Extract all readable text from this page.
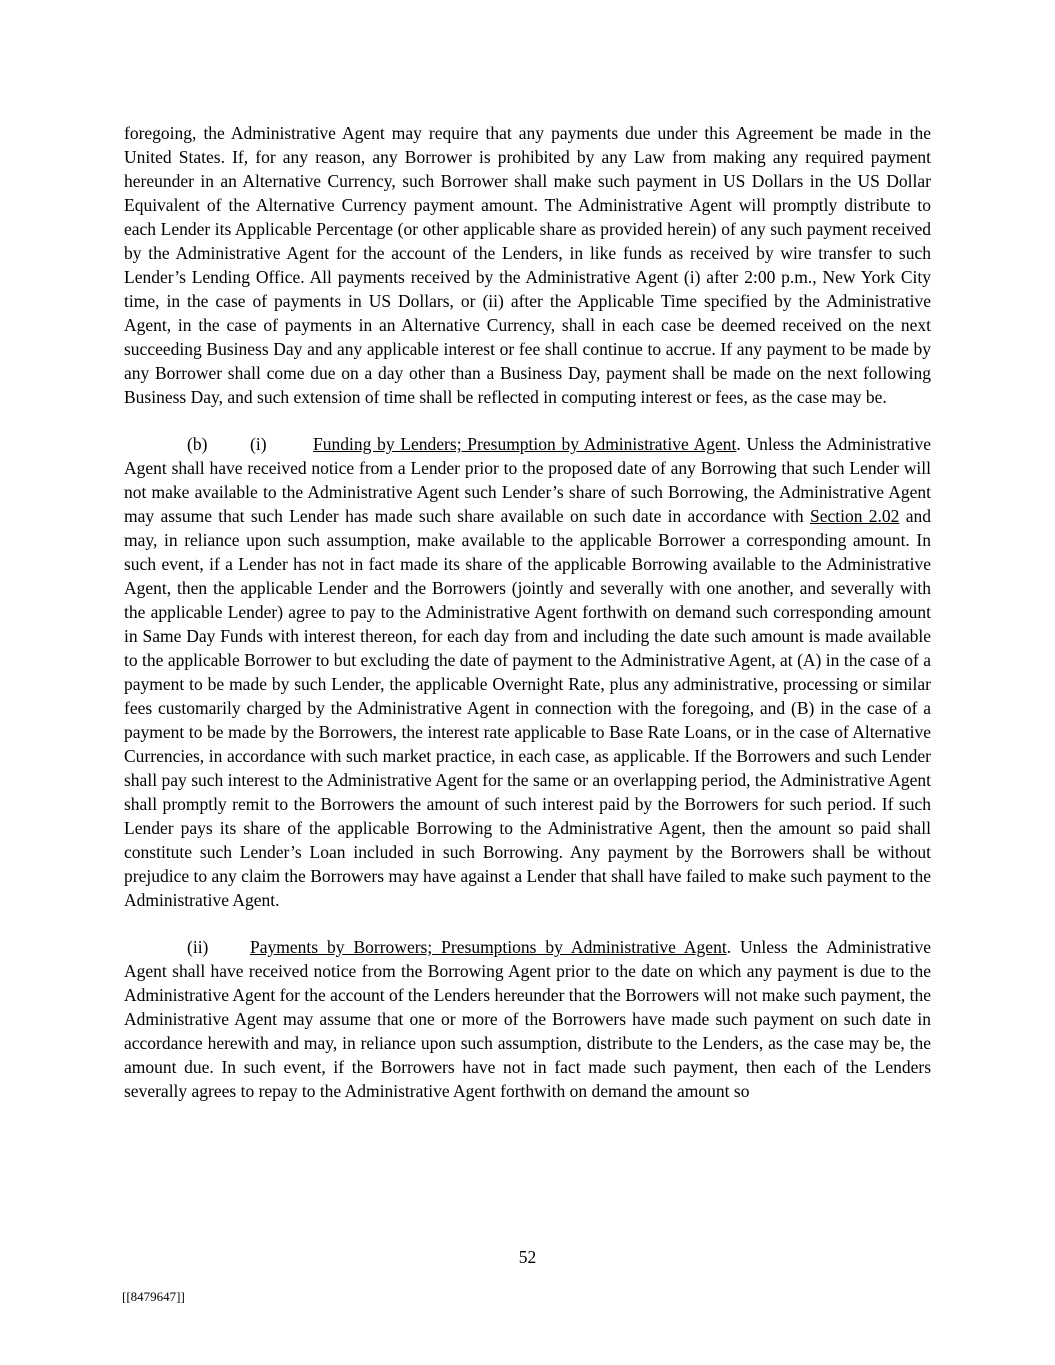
foregoing, the Administrative Agent may require that any payments due under this Agreement be made in the United States. If, for any reason, any Borrower is prohibited by any Law from making any required payment hereunder in an Alternative Currency, such Borrower shall make such payment in US Dollars in the US Dollar Equivalent of the Alternative Currency payment amount. The Administrative Agent will promptly distribute to each Lender its Applicable Percentage (or other applicable share as provided herein) of any such payment received by the Administrative Agent for the account of the Lenders, in like funds as received by wire transfer to such Lender’s Lending Office. All payments received by the Administrative Agent (i) after 2:00 p.m., New York City time, in the case of payments in US Dollars, or (ii) after the Applicable Time specified by the Administrative Agent, in the case of payments in an Alternative Currency, shall in each case be deemed received on the next succeeding Business Day and any applicable interest or fee shall continue to accrue. If any payment to be made by any Borrower shall come due on a day other than a Business Day, payment shall be made on the next following Business Day, and such extension of time shall be reflected in computing interest or fees, as the case may be.

(b) (i)	Funding by Lenders; Presumption by Administrative Agent. Unless the Administrative Agent shall have received notice from a Lender prior to the proposed date of any Borrowing that such Lender will not make available to the Administrative Agent such Lender’s share of such Borrowing, the Administrative Agent may assume that such Lender has made such share available on such date in accordance with Section 2.02 and may, in reliance upon such assumption, make available to the applicable Borrower a corresponding amount. In such event, if a Lender has not in fact made its share of the applicable Borrowing available to the Administrative Agent, then the applicable Lender and the Borrowers (jointly and severally with one another, and severally with the applicable Lender) agree to pay to the Administrative Agent forthwith on demand such corresponding amount in Same Day Funds with interest thereon, for each day from and including the date such amount is made available to the applicable Borrower to but excluding the date of payment to the Administrative Agent, at (A) in the case of a payment to be made by such Lender, the applicable Overnight Rate, plus any administrative, processing or similar fees customarily charged by the Administrative Agent in connection with the foregoing, and (B) in the case of a payment to be made by the Borrowers, the interest rate applicable to Base Rate Loans, or in the case of Alternative Currencies, in accordance with such market practice, in each case, as applicable. If the Borrowers and such Lender shall pay such interest to the Administrative Agent for the same or an overlapping period, the Administrative Agent shall promptly remit to the Borrowers the amount of such interest paid by the Borrowers for such period. If such Lender pays its share of the applicable Borrowing to the Administrative Agent, then the amount so paid shall constitute such Lender’s Loan included in such Borrowing. Any payment by the Borrowers shall be without prejudice to any claim the Borrowers may have against a Lender that shall have failed to make such payment to the Administrative Agent.

(ii) Payments by Borrowers; Presumptions by Administrative Agent. Unless the Administrative Agent shall have received notice from the Borrowing Agent prior to the date on which any payment is due to the Administrative Agent for the account of the Lenders hereunder that the Borrowers will not make such payment, the Administrative Agent may assume that one or more of the Borrowers have made such payment on such date in accordance herewith and may, in reliance upon such assumption, distribute to the Lenders, as the case may be, the amount due. In such event, if the Borrowers have not in fact made such payment, then each of the Lenders severally agrees to repay to the Administrative Agent forthwith on demand the amount so

52
[[8479647]]
